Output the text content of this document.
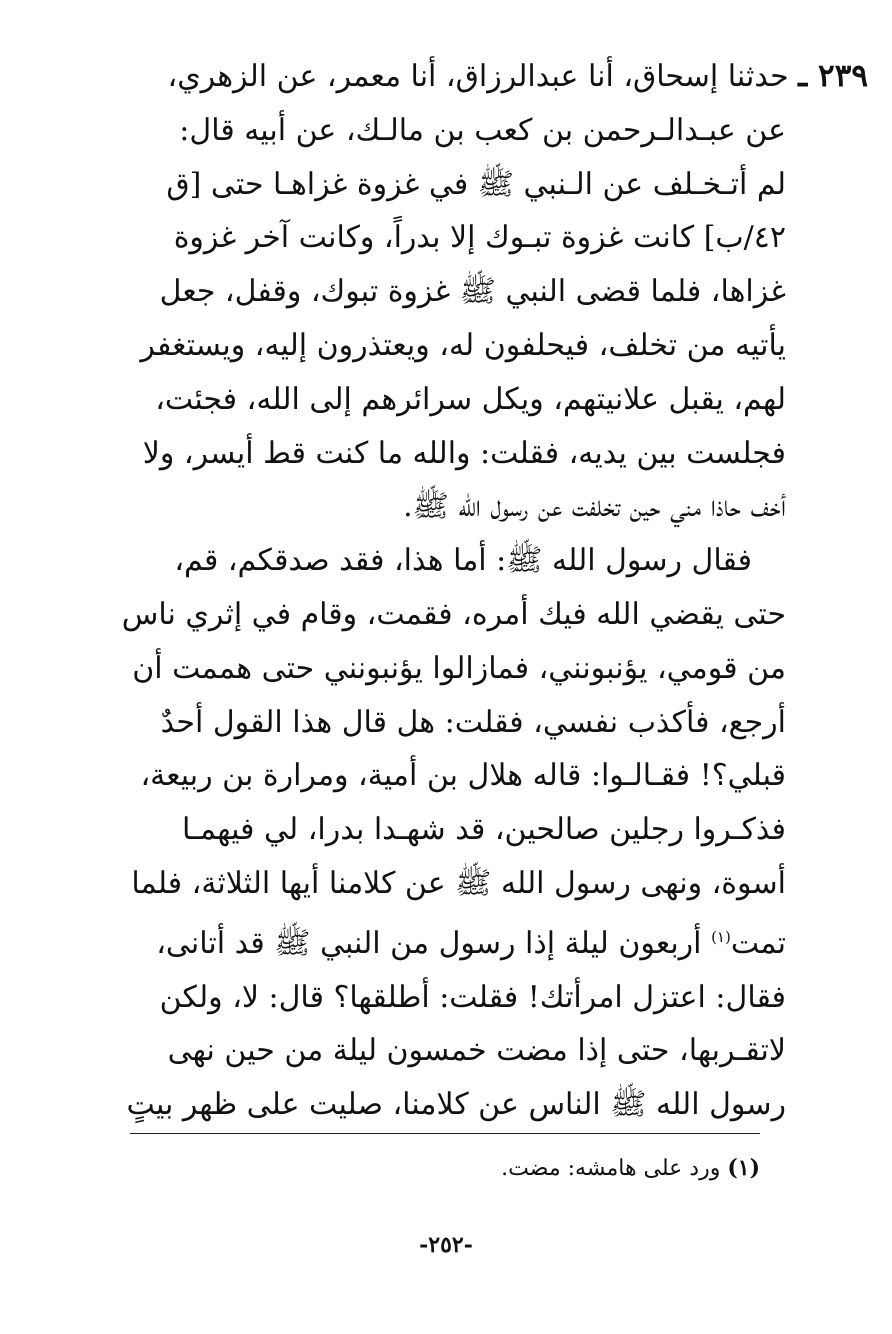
٢٣٩ ـ حدثنا إسحاق، أنا عبدالرزاق، أنا معمر، عن الزهري،
عن عبـدالـرحمن بن كعب بن مالـك، عن أبيه قال:
لم أتـخـلف عن الـنبي ﷺ في غزوة غزاهـا حتى [ق
٤٢/ب] كانت غزوة تبـوك إلا بدراً، وكانت آخر غزوة
غزاها، فلما قضى النبي ﷺ غزوة تبوك، وقفل، جعل
يأتيه من تخلف، فيحلفون له، ويعتذرون إليه، ويستغفر
لهم، يقبل علانيتهم، ويكل سرائرهم إلى الله، فجئت،
فجلست بين يديه، فقلت: والله ما كنت قط أيسر، ولا
أخف حاذا مني حين تخلفت عن رسول الله ﷺ.
فقال رسول الله ﷺ: أما هذا، فقد صدقكم، قم،
حتى يقضي الله فيك أمره، فقمت، وقام في إثري ناس
من قومي، يؤنبونني، فمازالوا يؤنبونني حتى هممت أن
أرجع، فأكذب نفسي، فقلت: هل قال هذا القول أحدٌ
قبلي؟! فقـالـوا: قاله هلال بن أمية، ومرارة بن ربيعة،
فذكـروا رجلين صالحين، قد شهـدا بدرا، لي فيهمـا
أسوة، ونهى رسول الله ﷺ عن كلامنا أيها الثلاثة، فلما
تمت$^{(١)}$ أربعون ليلة إذا رسول من النبي ﷺ قد أتانى،
فقال: اعتزل امرأتك! فقلت: أطلقها؟ قال: لا، ولكن
لاتقـربها، حتى إذا مضت خمسون ليلة من حين نهى
رسول الله ﷺ الناس عن كلامنا، صليت على ظهر بيتٍ
(١) ورد على هامشه: مضت.
-٢٥٢-
